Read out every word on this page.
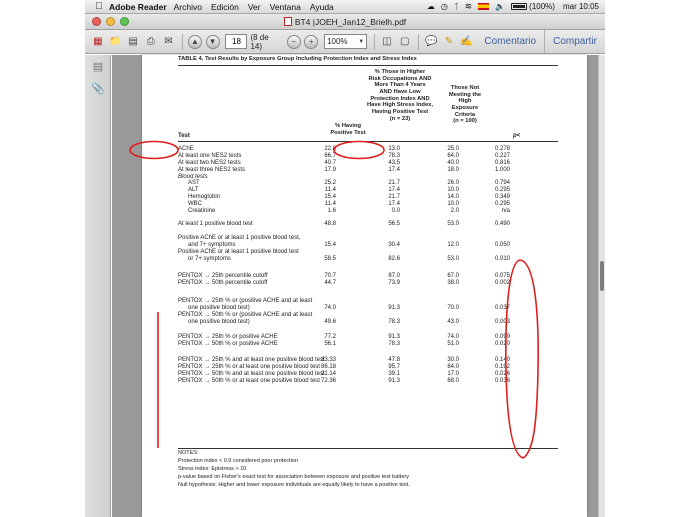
Adobe Reader Archivo Edición Ver Ventana Ayuda	☁ ◷ ᛏ ≋	🔈	(100%) mar 10:05
BT4 |JOEH_Jan12_Brielh.pdf
▦ 📁 ▤ ⎙ ✉	▲	▼
18	(8 de 14)	−	+	100% ▼	◫ ▢	💬 ✎ ✍	Comentario	Compartir
▤
📎
TABLE 4. Test Results by Exposure Group Including Protection Index and Stress Index
% Those in Higher
Risk Occupations AND
More Than 4 Years
AND Have Low
Protection Index AND
Have High Stress Index,
Having Positive Test
(n = 23)
Those Not
Meeting the
High
Exposure
Criteria
(n = 100)
% Having
Positive Test
Test	p<
AChE	22.8	13.0	25.0	0.278
At least one NES2 tests	66.7	78.3	64.0	0.227
At least two NES2 tests	40.7	43.5	40.0	0.816
At least three NES2 tests	17.9	17.4	18.0	1.000
Blood tests
AST	25.2	21.7	26.0	0.794
ALT	11.4	17.4	10.0	0.295
Hemoglobin	15.4	21.7	14.0	0.349
WBC	11.4	17.4	10.0	0.295
Creatinine	1.6	0.0	2.0	n/a
At least 1 positive blood test	48.8	56.5	53.0	0.490
Positive AChE or at least 1 positive blood test,
and 7+ symptoms	15.4	30.4	12.0	0.050
Positive AChE or at least 1 positive blood test
or 7+ symptoms	58.5	82.6	53.0	0.010
PENTOX → 25th percentile cutoff	70.7	87.0	67.0	0.075
PENTOX → 50th percentile cutoff	44.7	73.9	38.0	0.002
PENTOX → 25th % or (positive ACHE and at least
one positive blood test)	74.0	91.3	70.0	0.037
PENTOX → 50th % or (positive ACHE and at least
one positive blood test)	49.6	78.3	43.0	0.003
PENTOX → 25th % or positive ACHE	77.2	91.3	74.0	0.099
PENTOX → 50th % or positive ACHE	56.1	78.3	51.0	0.020
PENTOX → 25th % and at least one positive blood test
33.33	47.8	30.0	0.140
PENTOX → 25th % or at least one positive blood test 86.18	95.7	84.0	0.192
PENTOX → 50th % and at least one positive blood test
21.14	39.1	17.0	0.026
PENTOX → 50th % or at least one positive blood test 72.36	91.3	68.0	0.036
NOTES:
Protection index < 0.9 considered poor protection
Stress index: Epistress > 10
p-value based on Fisher's exact test for association between exposure and positive test battery
Null hypothesis: Higher and lower exposure individuals are equally likely to have a positive test.
